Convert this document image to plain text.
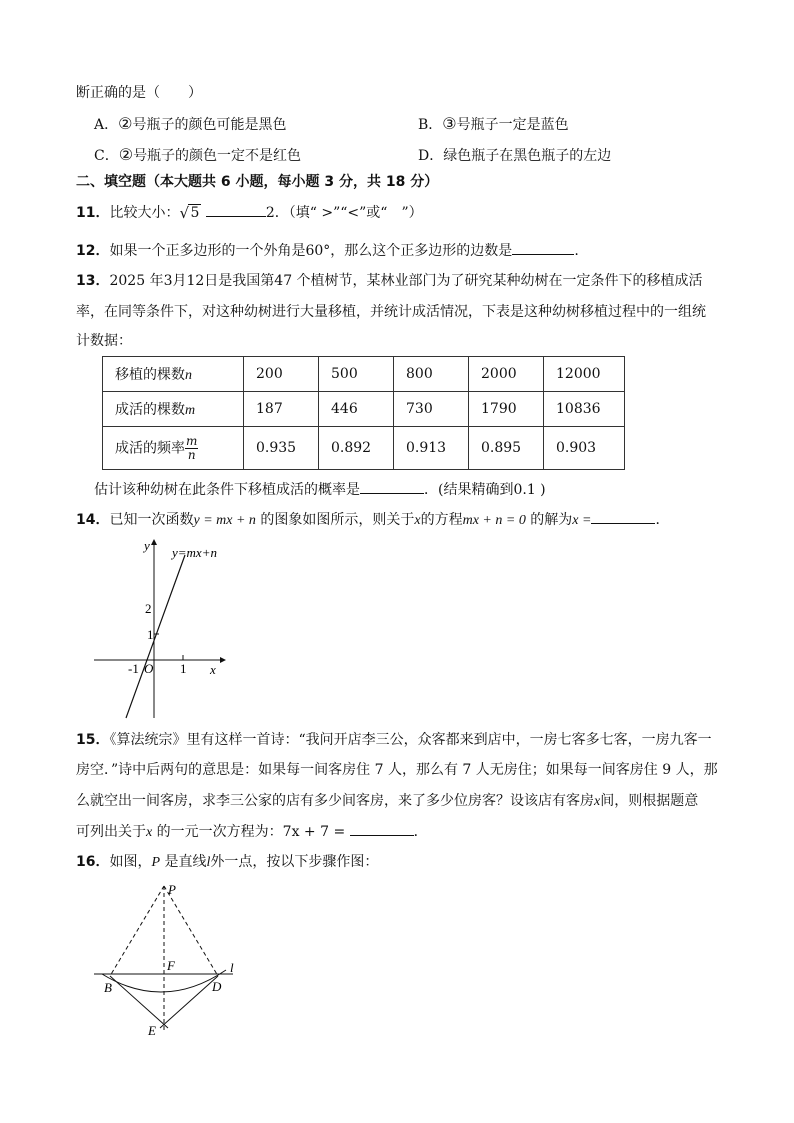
断正确的是（　　）
A．②号瓶子的颜色可能是黑色	B．③号瓶子一定是蓝色
C．②号瓶子的颜色一定不是红色	D．绿色瓶子在黑色瓶子的左边
二、填空题（本大题共 6 小题，每小题 3 分，共 18 分）
11．比较大小： √ 5	2．（填“ >”“<”或“　”）
12．如果一个正多边形的一个外角是60°，那么这个正多边形的边数是	.
13．2025 年3月12日是我国第47 个植树节，某林业部门为了研究某种幼树在一定条件下的移植成活
率，在同等条件下，对这种幼树进行大量移植，并统计成活情况，下表是这种幼树移植过程中的一组统
计数据：
移植的棵数n	200	500	800	2000	12000
成活的棵数m	187	446	730	1790	10836
成活的频率 $\frac{m}{n}$	0.935	0.892	0.913	0.895	0.903
估计该种幼树在此条件下移植成活的概率是	．(结果精确到0.1 )
14．已知一次函数y = mx + n 的图象如图所示，则关于x的方程mx + n = 0 的解为x =	．
y=mx+n
y
x
O
2
1
-1	1
15．《算法统宗》里有这样一首诗：“我问开店李三公，众客都来到店中，一房七客多七客，一房九客一
房空．”诗中后两句的意思是：如果每一间客房住 7 人，那么有 7 人无房住；如果每一间客房住 9 人，那
么就空出一间客房，求李三公家的店有多少间客房，来了多少位房客？设该店有客房x间，则根据题意
可列出关于x 的一元一次方程为：7x + 7 =	．
16．如图，P 是直线l外一点，按以下步骤作图：
P
F	l
B	D
E
